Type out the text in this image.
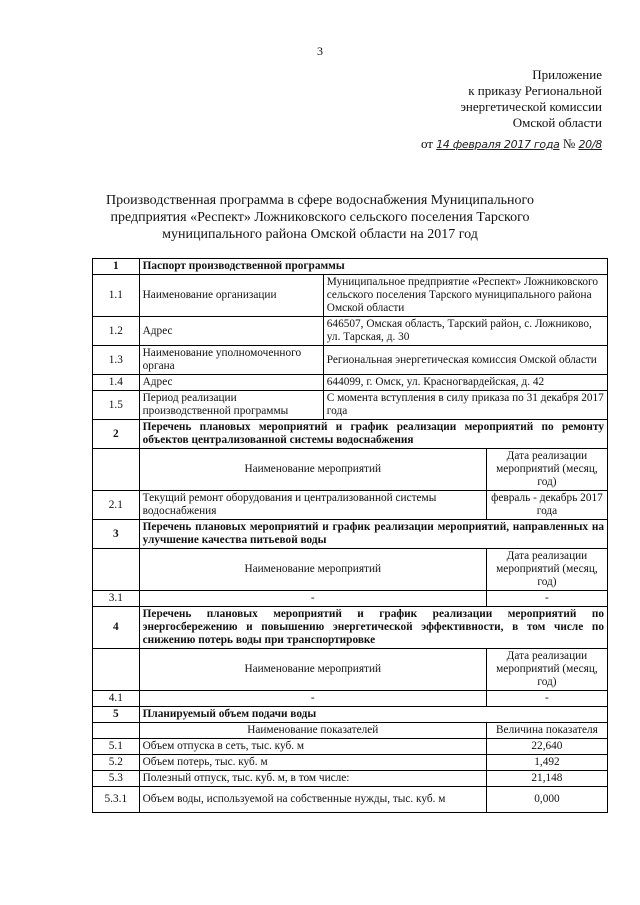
3
Приложение
к приказу Региональной
энергетической комиссии
Омской области
от 14 февраля 2017 года № 20/8
Производственная программа в сфере водоснабжения Муниципального предприятия «Респект» Ложниковского сельского поселения Тарского муниципального района Омской области на 2017 год
1	Паспорт производственной программы		
1.1	Наименование организации	Муниципальное предприятие «Респект» Ложниковского сельского поселения Тарского муниципального района Омской области	
1.2	Адрес	646507, Омская область, Тарский район, с. Ложниково, ул. Тарская, д. 30	
1.3	Наименование уполномоченного органа	Региональная энергетическая комиссия Омской области	
1.4	Адрес	644099, г. Омск, ул. Красногвардейская, д. 42	
1.5	Период реализации производственной программы	С момента вступления в силу приказа по 31 декабря 2017 года	
2	Перечень плановых мероприятий и график реализации мероприятий по ремонту объектов централизованной системы водоснабжения		
	Наименование мероприятий		Дата реализации мероприятий (месяц, год)
2.1	Текущий ремонт оборудования и централизованной системы водоснабжения		февраль - декабрь 2017 года
3	Перечень плановых мероприятий и график реализации мероприятий, направленных на улучшение качества питьевой воды		
	Наименование мероприятий		Дата реализации мероприятий (месяц, год)
3.1	-		-
4	Перечень плановых мероприятий и график реализации мероприятий по энергосбережению и повышению энергетической эффективности, в том числе по снижению потерь воды при транспортировке		
	Наименование мероприятий		Дата реализации мероприятий (месяц, год)
4.1	-		-
5	Планируемый объем подачи воды		
	Наименование показателей		Величина показателя
5.1	Объем отпуска в сеть, тыс. куб. м		22,640
5.2	Объем потерь, тыс. куб. м		1,492
5.3	Полезный отпуск, тыс. куб. м, в том числе:		21,148
5.3.1	Объем воды, используемой на собственные нужды, тыс. куб. м		0,000
